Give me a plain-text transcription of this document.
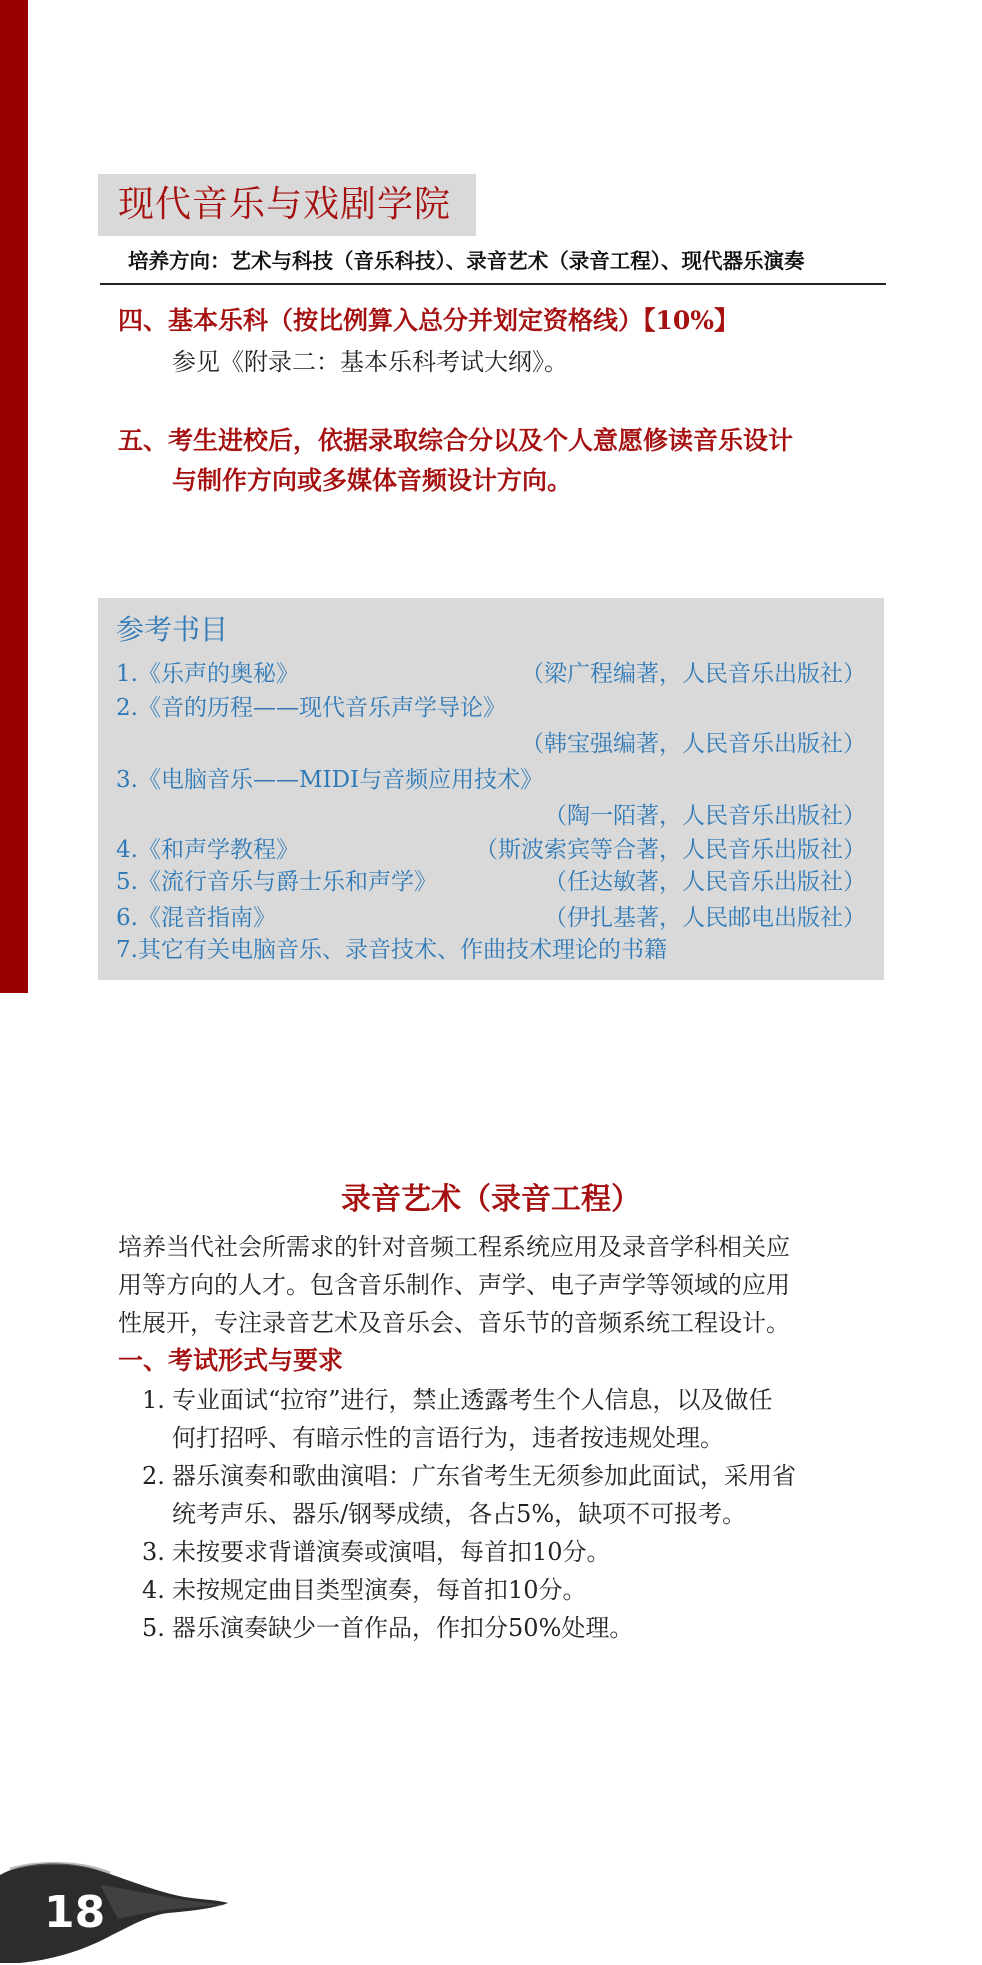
现代音乐与戏剧学院
培养方向：艺术与科技（音乐科技）、录音艺术（录音工程）、现代器乐演奏
四、基本乐科（按比例算入总分并划定资格线）【10%】
参见《附录二：基本乐科考试大纲》。
五、考生进校后，依据录取综合分以及个人意愿修读音乐设计
与制作方向或多媒体音频设计方向。
参考书目
1.《乐声的奥秘》	（梁广程编著，人民音乐出版社）
2.《音的历程——现代音乐声学导论》
（韩宝强编著，人民音乐出版社）
3.《电脑音乐——MIDI与音频应用技术》
（陶一陌著，人民音乐出版社）
4.《和声学教程》	（斯波索宾等合著，人民音乐出版社）
5.《流行音乐与爵士乐和声学》	（任达敏著，人民音乐出版社）
6.《混音指南》	（伊扎基著，人民邮电出版社）
7.其它有关电脑音乐、录音技术、作曲技术理论的书籍
录音艺术（录音工程）
培养当代社会所需求的针对音频工程系统应用及录音学科相关应
用等方向的人才。包含音乐制作、声学、电子声学等领域的应用
性展开，专注录音艺术及音乐会、音乐节的音频系统工程设计。
一、考试形式与要求
1. 专业面试“拉帘”进行，禁止透露考生个人信息，以及做任
何打招呼、有暗示性的言语行为，违者按违规处理。
2. 器乐演奏和歌曲演唱：广东省考生无须参加此面试，采用省
统考声乐、器乐/钢琴成绩，各占5%，缺项不可报考。
3. 未按要求背谱演奏或演唱，每首扣10分。
4. 未按规定曲目类型演奏，每首扣10分。
5. 器乐演奏缺少一首作品，作扣分50%处理。
18
